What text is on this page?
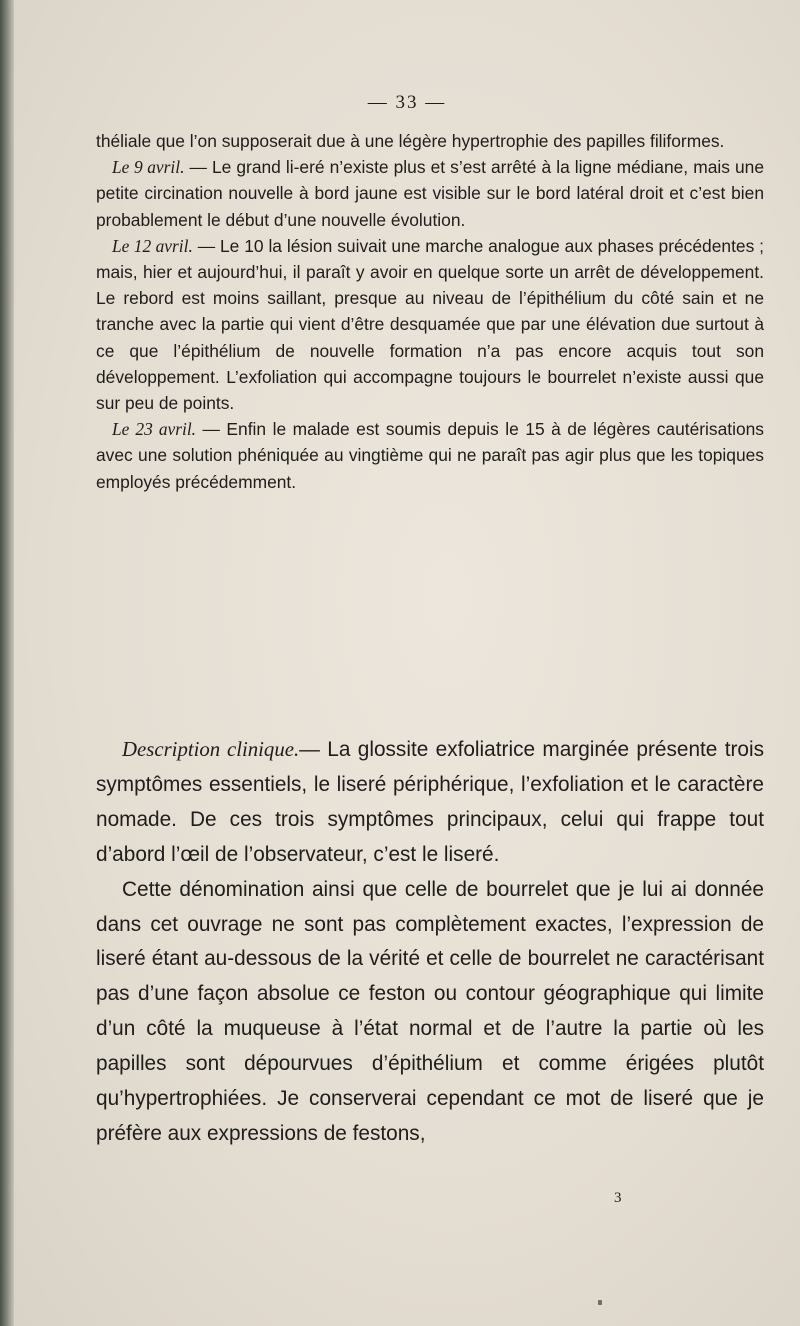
— 33 —

théliale que l’on supposerait due à une légère hypertrophie des papilles filiformes.

Le 9 avril. — Le grand li-eré n’existe plus et s’est arrêté à la ligne médiane, mais une petite circination nouvelle à bord jaune est visible sur le bord latéral droit et c’est bien probablement le début d’une nouvelle évolution.

Le 12 avril. — Le 10 la lésion suivait une marche analogue aux phases précédentes ; mais, hier et aujourd’hui, il paraît y avoir en quelque sorte un arrêt de développement. Le rebord est moins saillant, presque au niveau de l’épithélium du côté sain et ne tranche avec la partie qui vient d’être desquamée que par une élévation due surtout à ce que l’épithélium de nouvelle formation n’a pas encore acquis tout son développement. L’exfoliation qui accompagne toujours le bourrelet n’existe aussi que sur peu de points.

Le 23 avril. — Enfin le malade est soumis depuis le 15 à de légères cautérisations avec une solution phéniquée au vingtième qui ne paraît pas agir plus que les topiques employés précédemment.

Description clinique.— La glossite exfoliatrice marginée présente trois symptômes essentiels, le liseré périphérique, l’exfoliation et le caractère nomade. De ces trois symptômes principaux, celui qui frappe tout d’abord l’œil de l’observateur, c’est le liseré.

Cette dénomination ainsi que celle de bourrelet que je lui ai donnée dans cet ouvrage ne sont pas complètement exactes, l’expression de liseré étant au-dessous de la vérité et celle de bourrelet ne caractérisant pas d’une façon absolue ce feston ou contour géographique qui limite d’un côté la muqueuse à l’état normal et de l’autre la partie où les papilles sont dépourvues d’épithélium et comme érigées plutôt qu’hypertrophiées. Je conserverai cependant ce mot de liseré que je préfère aux expressions de festons,

3
